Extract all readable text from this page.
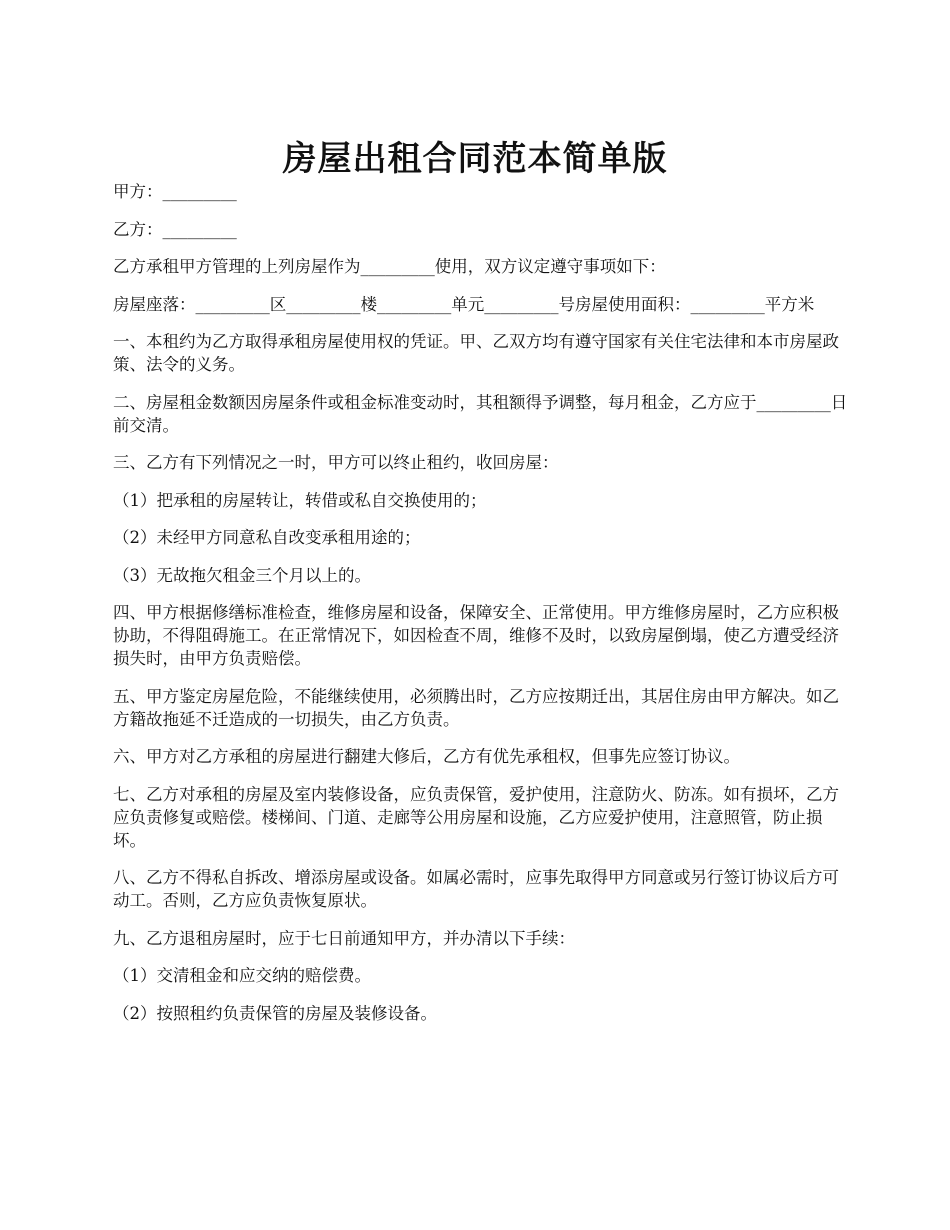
房屋出租合同范本简单版

甲方：_________

乙方：_________

乙方承租甲方管理的上列房屋作为_________使用，双方议定遵守事项如下：

房屋座落：_________区_________楼_________单元_________号房屋使用面积：_________平方米

一、本租约为乙方取得承租房屋使用权的凭证。甲、乙双方均有遵守国家有关住宅法律和本市房屋政策、法令的义务。

二、房屋租金数额因房屋条件或租金标准变动时，其租额得予调整，每月租金，乙方应于_________日前交清。

三、乙方有下列情况之一时，甲方可以终止租约，收回房屋：

（1）把承租的房屋转让，转借或私自交换使用的；

（2）未经甲方同意私自改变承租用途的；

（3）无故拖欠租金三个月以上的。

四、甲方根据修缮标准检查，维修房屋和设备，保障安全、正常使用。甲方维修房屋时，乙方应积极协助，不得阻碍施工。在正常情况下，如因检查不周，维修不及时，以致房屋倒塌，使乙方遭受经济损失时，由甲方负责赔偿。

五、甲方鉴定房屋危险，不能继续使用，必须腾出时，乙方应按期迁出，其居住房由甲方解决。如乙方籍故拖延不迁造成的一切损失，由乙方负责。

六、甲方对乙方承租的房屋进行翻建大修后，乙方有优先承租权，但事先应签订协议。

七、乙方对承租的房屋及室内装修设备，应负责保管，爱护使用，注意防火、防冻。如有损坏，乙方应负责修复或赔偿。楼梯间、门道、走廊等公用房屋和设施，乙方应爱护使用，注意照管，防止损坏。

八、乙方不得私自拆改、增添房屋或设备。如属必需时，应事先取得甲方同意或另行签订协议后方可动工。否则，乙方应负责恢复原状。

九、乙方退租房屋时，应于七日前通知甲方，并办清以下手续：

（1）交清租金和应交纳的赔偿费。

（2）按照租约负责保管的房屋及装修设备。
